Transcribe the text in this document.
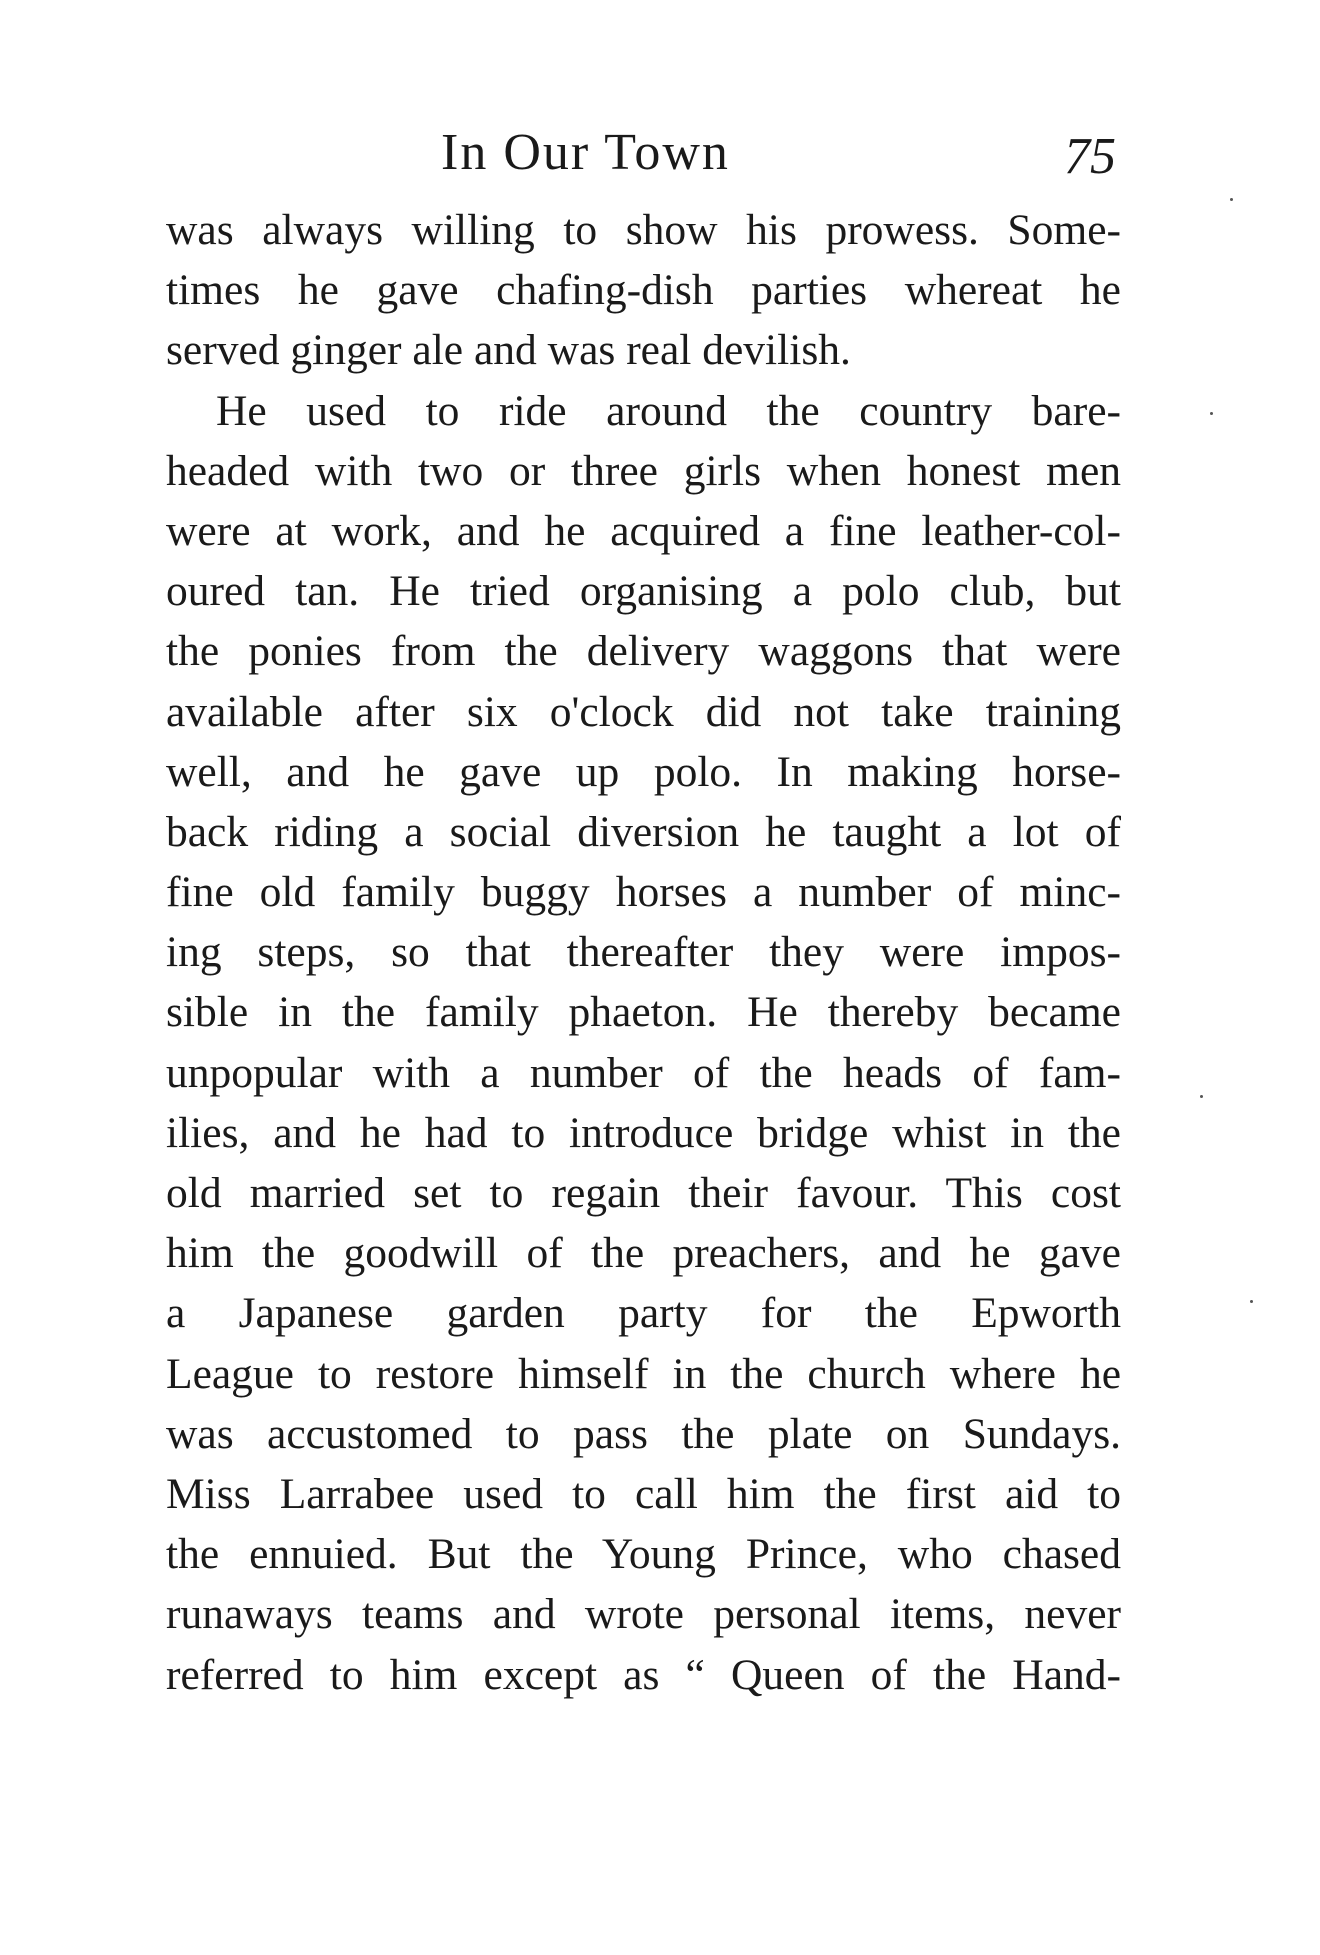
In Our Town	75
was always willing to show his prowess. Some-
times he gave chafing-dish parties whereat he
served ginger ale and was real devilish.
He used to ride around the country bare-
headed with two or three girls when honest men
were at work, and he acquired a fine leather-col-
oured tan. He tried organising a polo club, but
the ponies from the delivery waggons that were
available after six o'clock did not take training
well, and he gave up polo. In making horse-
back riding a social diversion he taught a lot of
fine old family buggy horses a number of minc-
ing steps, so that thereafter they were impos-
sible in the family phaeton. He thereby became
unpopular with a number of the heads of fam-
ilies, and he had to introduce bridge whist in the
old married set to regain their favour. This cost
him the goodwill of the preachers, and he gave
a Japanese garden party for the Epworth
League to restore himself in the church where he
was accustomed to pass the plate on Sundays.
Miss Larrabee used to call him the first aid to
the ennuied. But the Young Prince, who chased
runaways teams and wrote personal items, never
referred to him except as “ Queen of the Hand-
